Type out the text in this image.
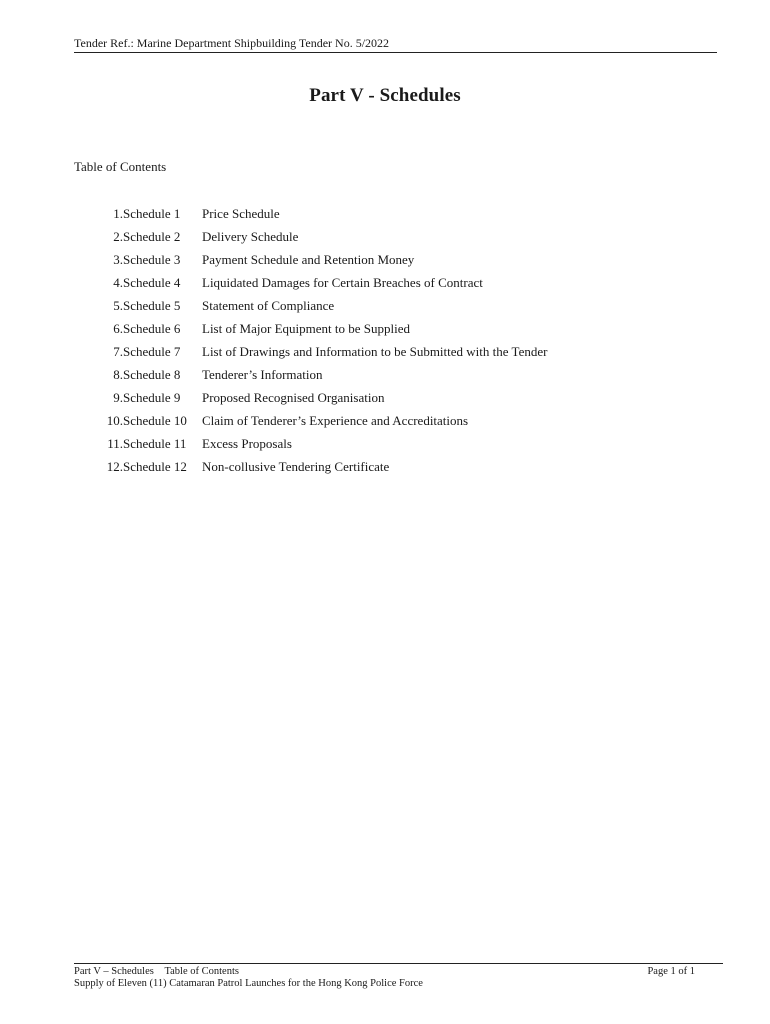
Tender Ref.: Marine Department Shipbuilding Tender No. 5/2022
Part V - Schedules
Table of Contents
1. Schedule 1	Price Schedule
2. Schedule 2	Delivery Schedule
3. Schedule 3	Payment Schedule and Retention Money
4. Schedule 4	Liquidated Damages for Certain Breaches of Contract
5. Schedule 5	Statement of Compliance
6. Schedule 6	List of Major Equipment to be Supplied
7. Schedule 7	List of Drawings and Information to be Submitted with the Tender
8. Schedule 8	Tenderer’s Information
9. Schedule 9	Proposed Recognised Organisation
10. Schedule 10	Claim of Tenderer’s Experience and Accreditations
11. Schedule 11	Excess Proposals
12. Schedule 12	Non-collusive Tendering Certificate
Part V – Schedules Table of Contents	Page 1 of 1
Supply of Eleven (11) Catamaran Patrol Launches for the Hong Kong Police Force
